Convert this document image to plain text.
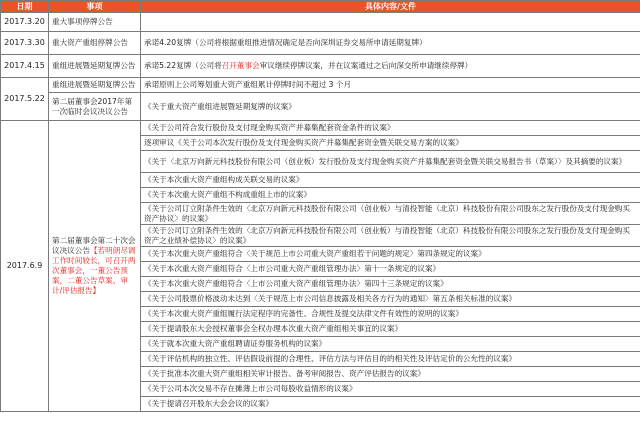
日期	事项	具体内容/文件
2017.3.20	重大事项停牌公告	
2017.3.30	重大资产重组停牌公告	承诺4.20复牌（公司将根据重组推进情况确定是否向深圳证券交易所申请延期复牌）
2017.4.15	重组进展暨延期复牌公告	承诺5.22复牌（公司将召开董事会审议继续停牌议案，并在议案通过之后向深交所申请继续停牌）
2017.5.22	重组进展暨延期复牌公告	承诺原则上公司筹划重大资产重组累计停牌时间不超过 3 个月
	第二届董事会2017年第一次临时会议决议公告	《关于重大资产重组进展暨延期复牌的议案》
2017.6.9	第二届董事会第二十次会议决议公告【若明朗尽调工作时间较长，可召开两次董事会，一董公告预案，二董公告草案、审计/评估报告】	《关于公司符合发行股份及支付现金购买资产并募集配套资金条件的议案》
		逐项审议《关于公司本次发行股份及支付现金购买资产并募集配套资金暨关联交易方案的议案》
		《关于〈北京万向新元科技股份有限公司（创业板）发行股份及支付现金购买资产并募集配套资金暨关联交易报告书（草案）〉及其摘要的议案》
		《关于本次重大资产重组构成关联交易的议案》
		《关于本次重大资产重组不构成重组上市的议案》
		《关于公司订立附条件生效的〈北京万向新元科技股份有限公司（创业板）与清投智能（北京）科技股份有限公司股东之发行股份及支付现金购买资产协议〉的议案》
		《关于公司订立附条件生效的〈北京万向新元科技股份有限公司（创业板）与清投智能（北京）科技股份有限公司股东之发行股份及支付现金购买资产之业绩补偿协议〉的议案》
		《关于本次重大资产重组符合〈关于规范上市公司重大资产重组若干问题的规定〉第四条规定的议案》
		《关于本次重大资产重组符合〈上市公司重大资产重组管理办法〉第十一条规定的议案》
		《关于本次重大资产重组符合〈上市公司重大资产重组管理办法〉第四十三条规定的议案》
		《关于公司股票价格波动未达到〈关于规范上市公司信息披露及相关各方行为的通知〉第五条相关标准的议案》
		《关于本次重大资产重组履行法定程序的完备性、合规性及提交法律文件有效性的说明的议案》
		《关于提请股东大会授权董事会全权办理本次重大资产重组相关事宜的议案》
		《关于就本次重大资产重组聘请证券服务机构的议案》
		《关于评估机构的独立性、评估假设前提的合理性、评估方法与评估目的的相关性及评估定价的公允性的议案》
		《关于批准本次重大资产重组相关审计报告、备考审阅报告、资产评估报告的议案》
		《关于公司本次交易不存在摊薄上市公司每股收益情形的议案》
		《关于提请召开股东大会会议的议案》
